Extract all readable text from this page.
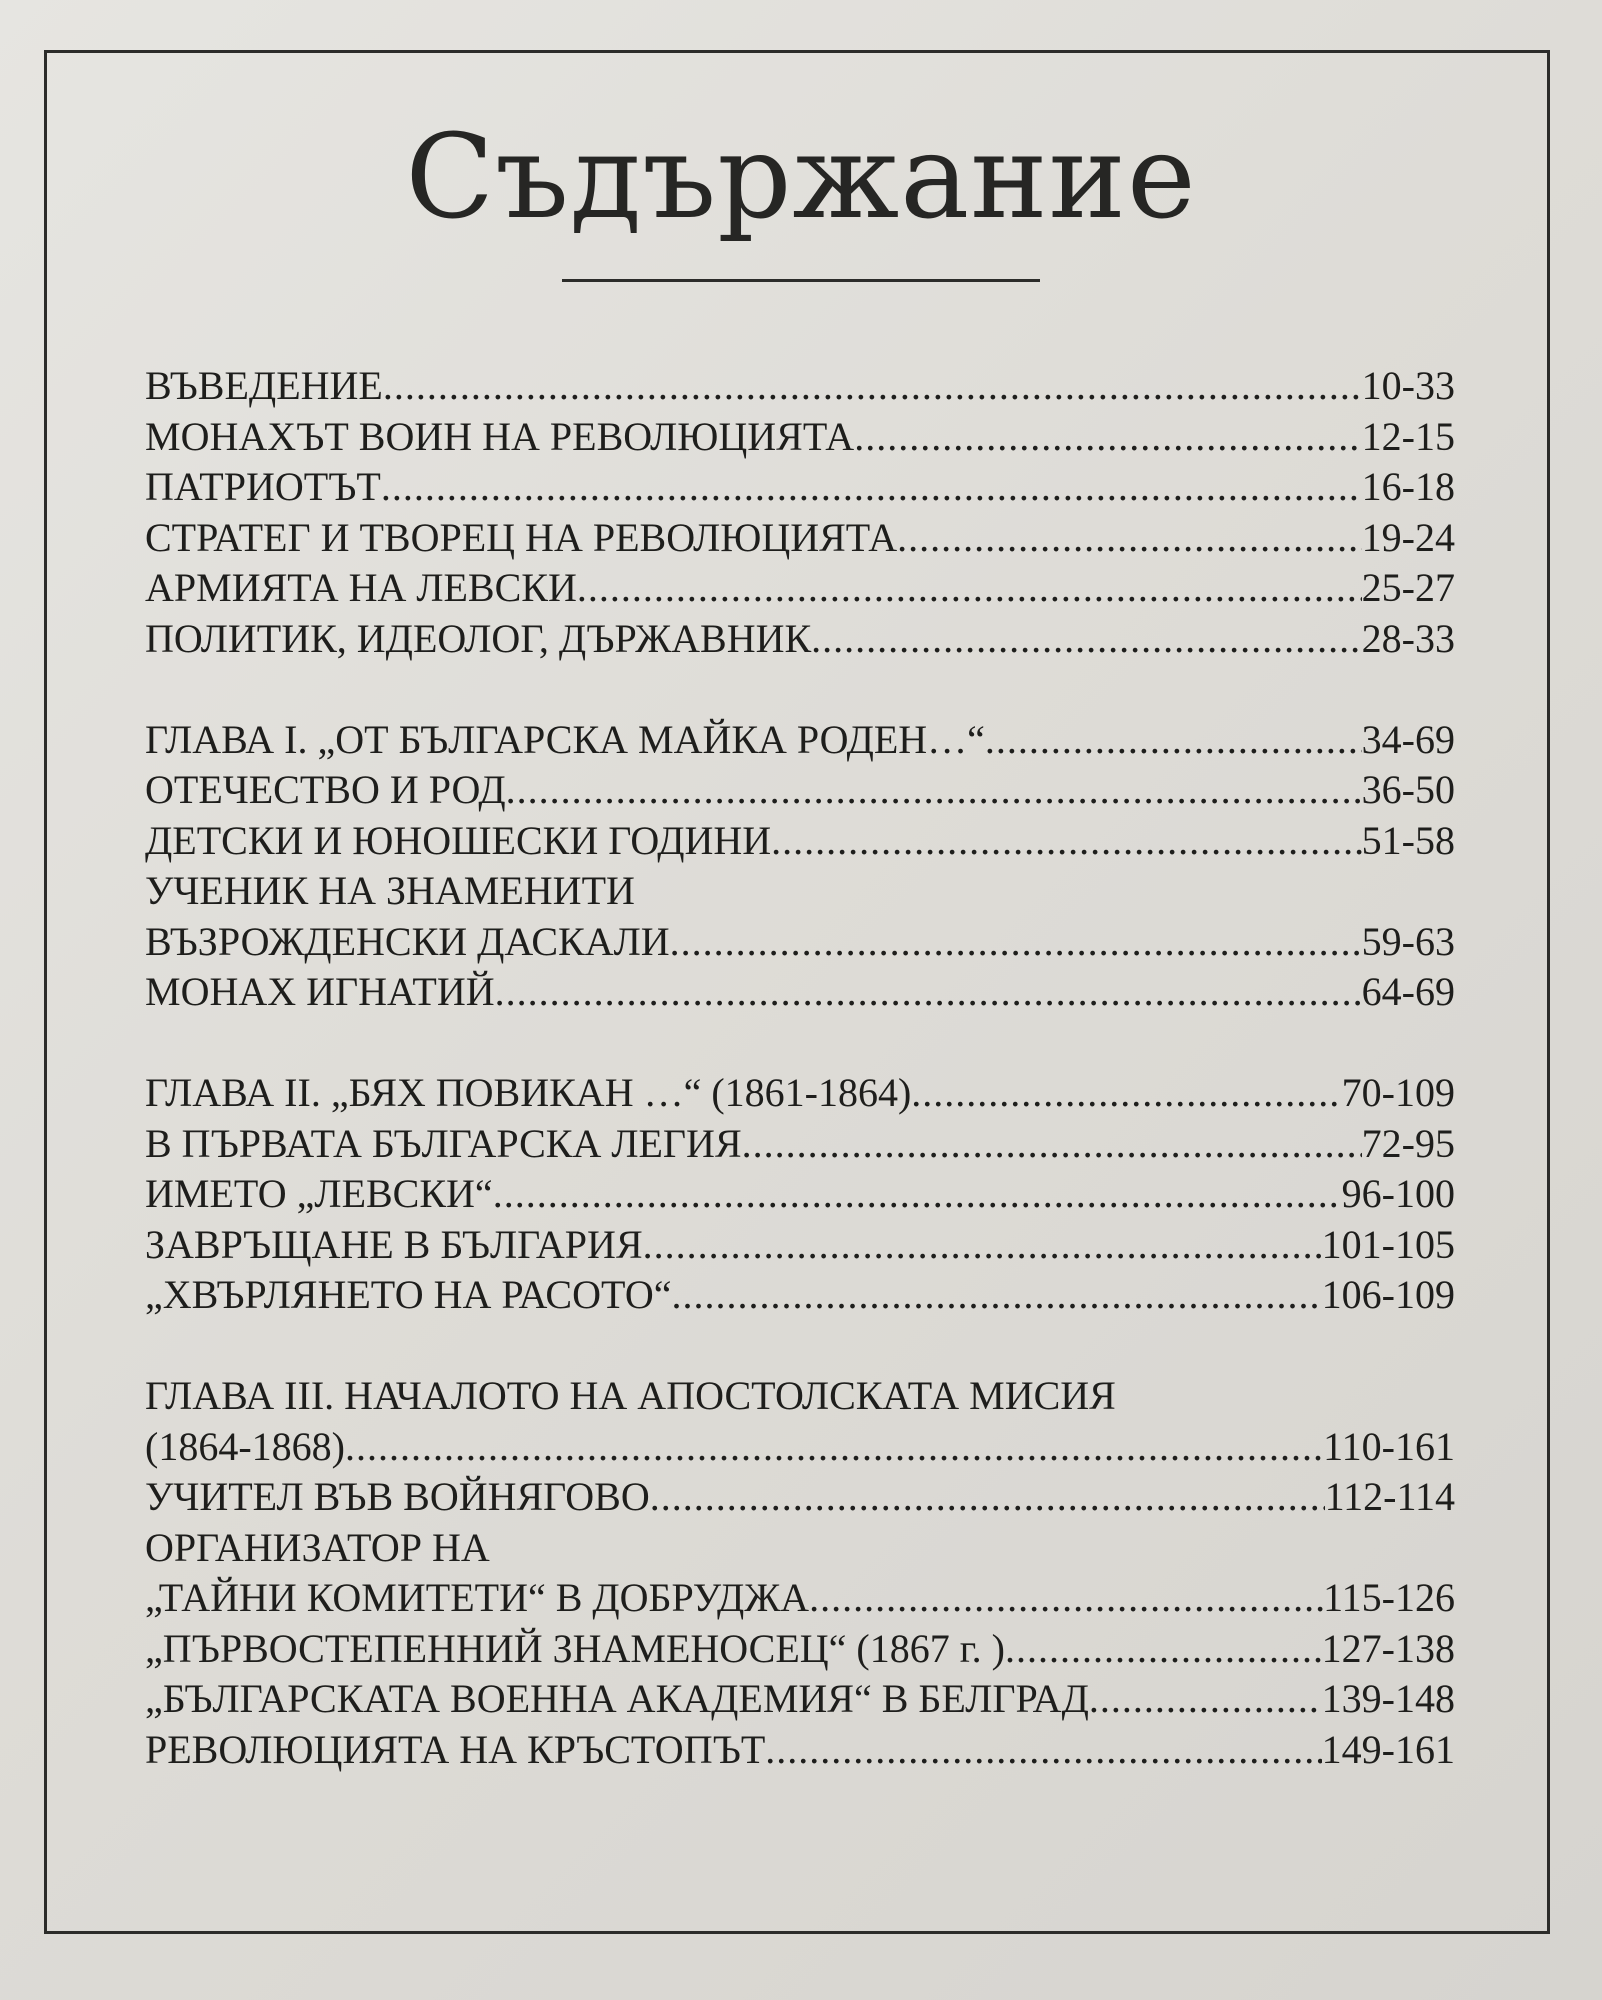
Съдържание
ВЪВЕДЕНИЕ .....	10-33
МОНАХЪТ ВОИН НА РЕВОЛЮЦИЯТА .....	12-15
ПАТРИОТЪТ .....	16-18
СТРАТЕГ И ТВОРЕЦ НА РЕВОЛЮЦИЯТА .....	19-24
АРМИЯТА НА ЛЕВСКИ .....	25-27
ПОЛИТИК, ИДЕОЛОГ, ДЪРЖАВНИК .....	28-33
ГЛАВА I. „ОТ БЪЛГАРСКА МАЙКА РОДЕН…“ .....	34-69
ОТЕЧЕСТВО И РОД .....	36-50
ДЕТСКИ И ЮНОШЕСКИ ГОДИНИ .....	51-58
УЧЕНИК НА ЗНАМЕНИТИ
ВЪЗРОЖДЕНСКИ ДАСКАЛИ .....	59-63
МОНАХ ИГНАТИЙ .....	64-69
ГЛАВА II. „БЯХ ПОВИКАН …“ (1861-1864) .....	70-109
В ПЪРВАТА БЪЛГАРСКА ЛЕГИЯ .....	72-95
ИМЕТО „ЛЕВСКИ“ .....	96-100
ЗАВРЪЩАНЕ В БЪЛГАРИЯ .....	101-105
„ХВЪРЛЯНЕТО НА РАСОТО“ .....	106-109
ГЛАВА III. НАЧАЛОТО НА АПОСТОЛСКАТА МИСИЯ
(1864-1868) .....	110-161
УЧИТЕЛ ВЪВ ВОЙНЯГОВО .....	112-114
ОРГАНИЗАТОР НА
„ТАЙНИ КОМИТЕТИ“ В ДОБРУДЖА .....	115-126
„ПЪРВОСТЕПЕННИЙ ЗНАМЕНОСЕЦ“ (1867 г. ) .....	127-138
„БЪЛГАРСКАТА ВОЕННА АКАДЕМИЯ“ В БЕЛГРАД .....	139-148
РЕВОЛЮЦИЯТА НА КРЪСТОПЪТ .....	149-161
